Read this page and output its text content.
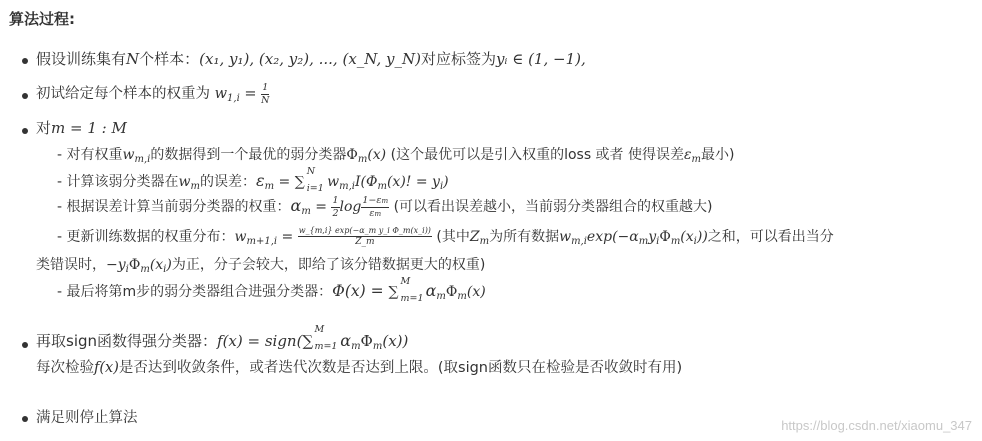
算法过程:
假设训练集有N个样本：(x₁, y₁), (x₂, y₂), ..., (x_N, y_N)对应标签为yᵢ ∈ (1, −1),
初试给定每个样本的权重为 $w_{1,i} = \frac{1}{N}$
对m = 1 : M
- 对有权重$w_{m,i}$的数据得到一个最优的弱分类器$\Phi_m(x)$ (这个最优可以是引入权重的loss 或者 使得误差$\varepsilon_m$最小)
- 计算该弱分类器在$w_m$的误差：$\varepsilon_m$ = ∑
N
i=1
$w_{m,i}I(\Phi_m(x)$! = $y_i$)
- 根据误差计算当前弱分类器的权重：$\alpha_m = \frac{1}{2}$ $\log \frac{1-\varepsilon m}{\varepsilon m}$ (可以看出误差越小，当前弱分类器组合的权重越大)
- 更新训练数据的权重分布：$w_{m+1,i} = \frac{\text{w\_\{m,i\} exp(−α\_m y\_i Φ\_m(x\_i))}}{Z\_m}$ (其中$Z_m$为所有数据$w_{m,i}\exp(-\alpha_my_i\Phi_m(x_i))$之和，可以看出当分
类错误时，$-y_i\Phi_m(x_i)$为正，分子会较大，即给了该分错数据更大的权重)
- 最后将第m步的弱分类器组合进强分类器：Φ(x) = ∑
M
m=1
$\alpha_m\Phi_m(x)$
再取sign函数得强分类器：f(x) = sign(∑
M
m=1
$\alpha_m\Phi_m(x)$)
每次检验f(x)是否达到收敛条件，或者迭代次数是否达到上限。(取sign函数只在检验是否收敛时有用)
满足则停止算法	https://blog.csdn.net/xiaomu_347
